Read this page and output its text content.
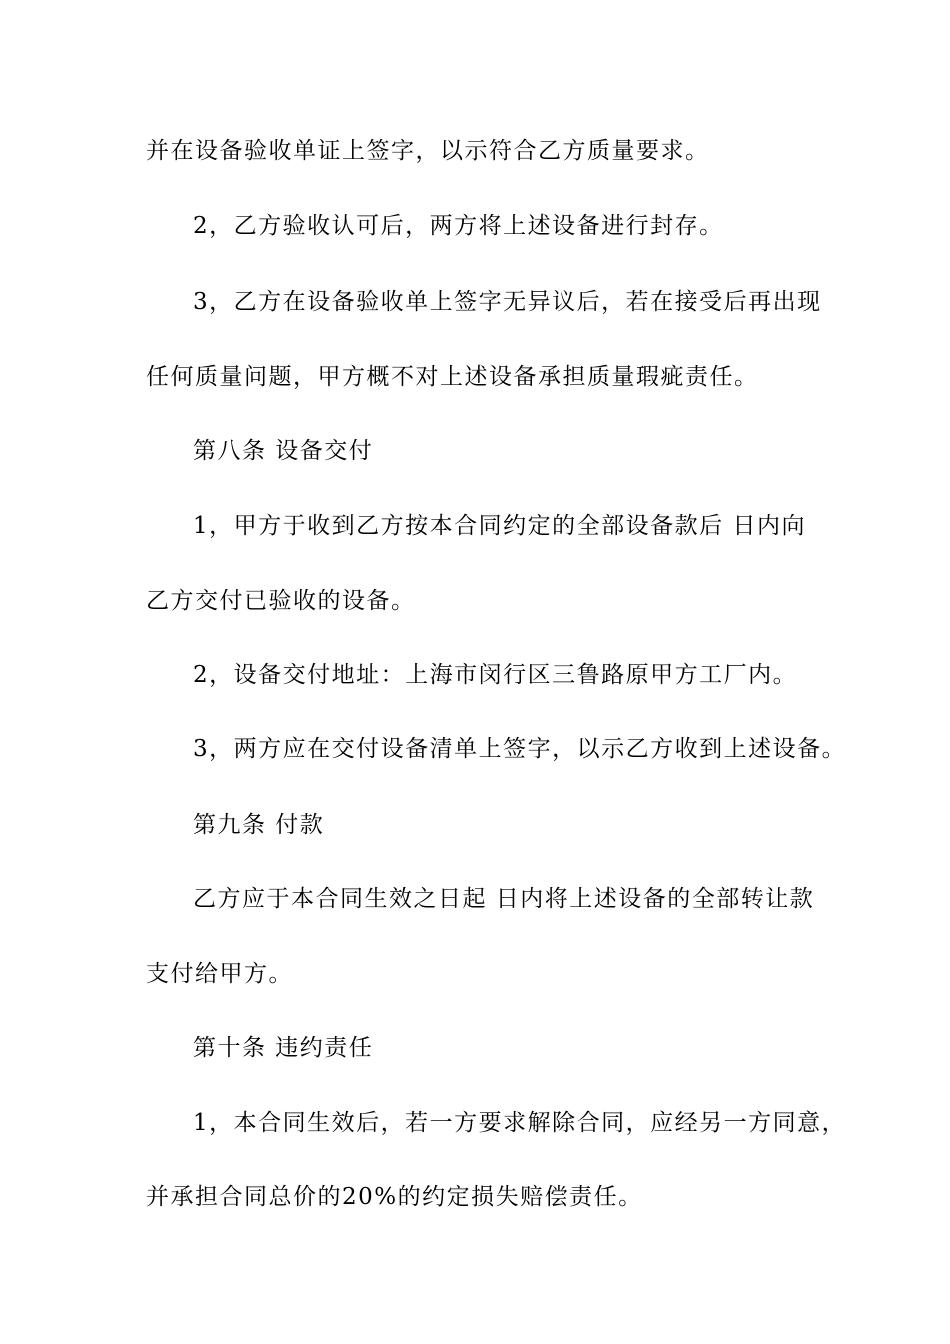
并在设备验收单证上签字，以示符合乙方质量要求。
2，乙方验收认可后，两方将上述设备进行封存。
3，乙方在设备验收单上签字无异议后，若在接受后再出现
任何质量问题，甲方概不对上述设备承担质量瑕疵责任。
第八条 设备交付
1，甲方于收到乙方按本合同约定的全部设备款后 日内向
乙方交付已验收的设备。
2，设备交付地址：上海市闵行区三鲁路原甲方工厂内。
3，两方应在交付设备清单上签字，以示乙方收到上述设备。
第九条 付款
乙方应于本合同生效之日起 日内将上述设备的全部转让款
支付给甲方。
第十条 违约责任
1，本合同生效后，若一方要求解除合同，应经另一方同意，
并承担合同总价的20%的约定损失赔偿责任。
